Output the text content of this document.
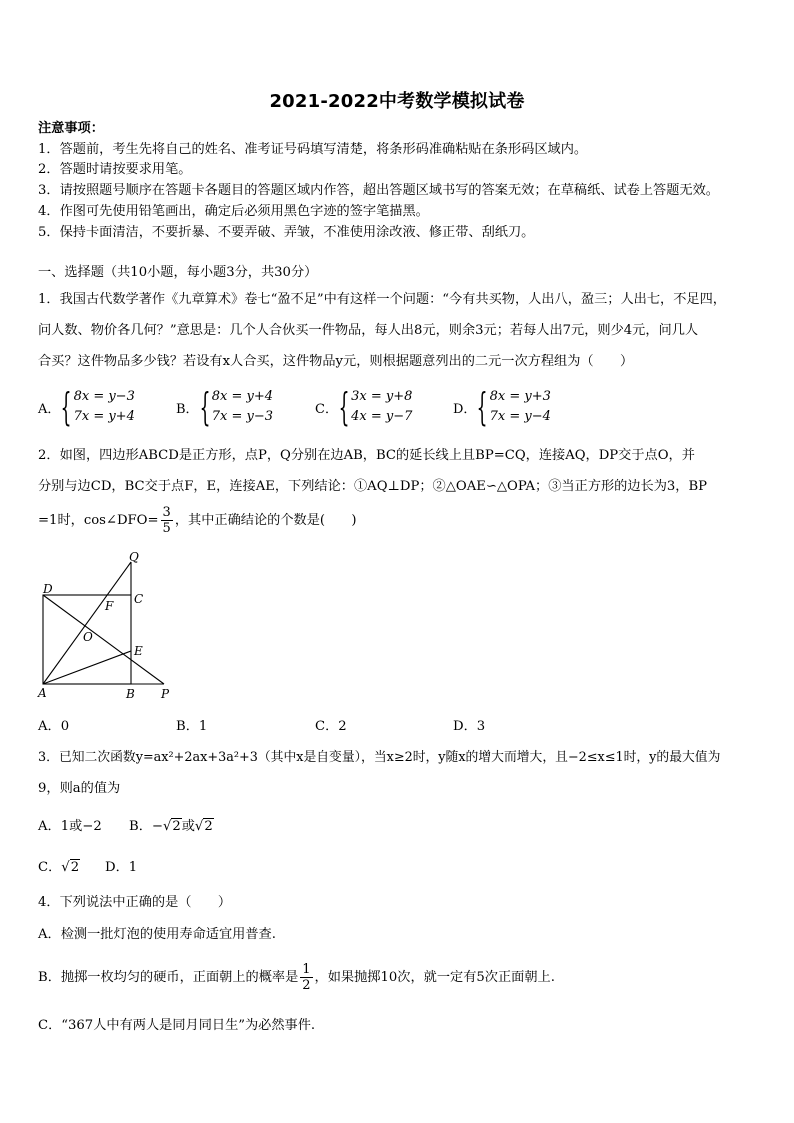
2021-2022中考数学模拟试卷
注意事项：
1．答题前，考生先将自己的姓名、准考证号码填写清楚，将条形码准确粘贴在条形码区域内。
2．答题时请按要求用笔。
3．请按照题号顺序在答题卡各题目的答题区域内作答，超出答题区域书写的答案无效；在草稿纸、试卷上答题无效。
4．作图可先使用铅笔画出，确定后必须用黑色字迹的签字笔描黑。
5．保持卡面清洁，不要折暴、不要弄破、弄皱，不准使用涂改液、修正带、刮纸刀。
一、选择题（共10小题，每小题3分，共30分）
1．我国古代数学著作《九章算术》卷七“盈不足”中有这样一个问题：“今有共买物，人出八，盈三；人出七，不足四，
问人数、物价各几何？”意思是：几个人合伙买一件物品，每人出8元，则余3元；若每人出7元，则少4元，问几人
合买？这件物品多少钱？若设有x人合买，这件物品y元，则根据题意列出的二元一次方程组为（　　）
A． { 8x = y−3
7x = y+4	B． { 8x = y+4
7x = y−3	C． { 3x = y+8
4x = y−7	D． { 8x = y+3
7x = y−4
2．如图，四边形ABCD是正方形，点P，Q分别在边AB，BC的延长线上且BP=CQ，连接AQ，DP交于点O，并
分别与边CD，BC交于点F，E，连接AE，下列结论：①AQ⊥DP；②△OAE∽△OPA；③当正方形的边长为3，BP
=1时，cos∠DFO= $\frac{3}{5}$ ，其中正确结论的个数是(　　)
D
C
Q
F
O
E
A	B P
A．0	B．1	C．2	D．3
3．已知二次函数y=ax²+2ax+3a²+3（其中x是自变量），当x≥2时，y随x的增大而增大，且−2≤x≤1时，y的最大值为
9，则a的值为
A．1或−2 B．−√2或√2
C．√2 D．1
4．下列说法中正确的是（　　）
A．检测一批灯泡的使用寿命适宜用普查.
B．抛掷一枚均匀的硬币，正面朝上的概率是 $\frac{1}{2}$ ，如果抛掷10次，就一定有5次正面朝上.
C．“367人中有两人是同月同日生”为必然事件.
